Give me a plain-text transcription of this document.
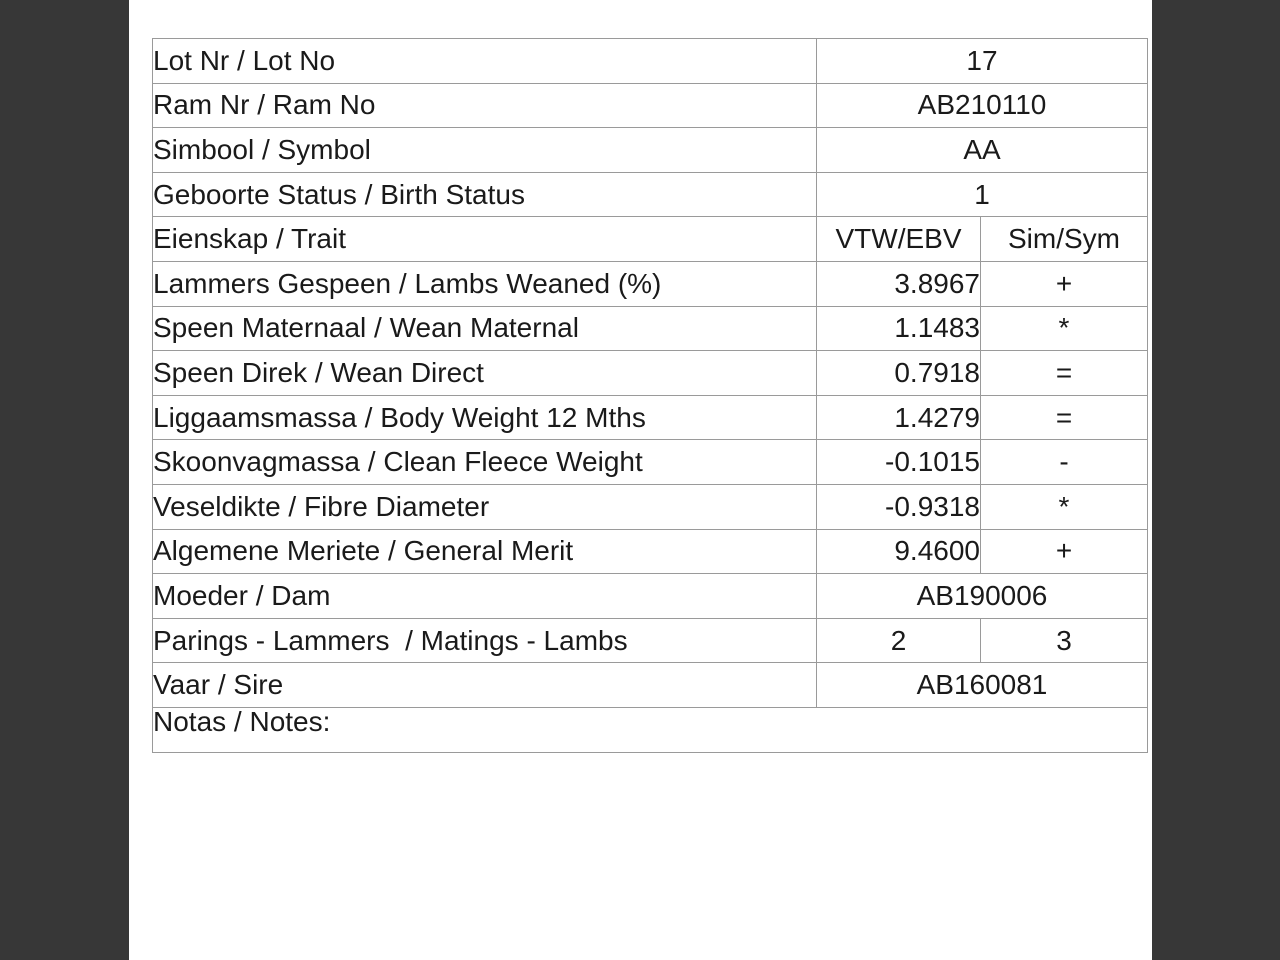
Lot Nr / Lot No	17	
Ram Nr / Ram No	AB210110	
Simbool / Symbol	AA	
Geboorte Status / Birth Status	1	
Eienskap / Trait	VTW/EBV	Sim/Sym
Lammers Gespeen / Lambs Weaned (%)	3.8967	+
Speen Maternaal / Wean Maternal	1.1483	*
Speen Direk / Wean Direct	0.7918	=
Liggaamsmassa / Body Weight 12 Mths	1.4279	=
Skoonvagmassa / Clean Fleece Weight	-0.1015	-
Veseldikte / Fibre Diameter	-0.9318	*
Algemene Meriete / General Merit	9.4600	+
Moeder / Dam	AB190006	
Parings - Lammers  / Matings - Lambs	2	3
Vaar / Sire	AB160081	
Notas / Notes:		
